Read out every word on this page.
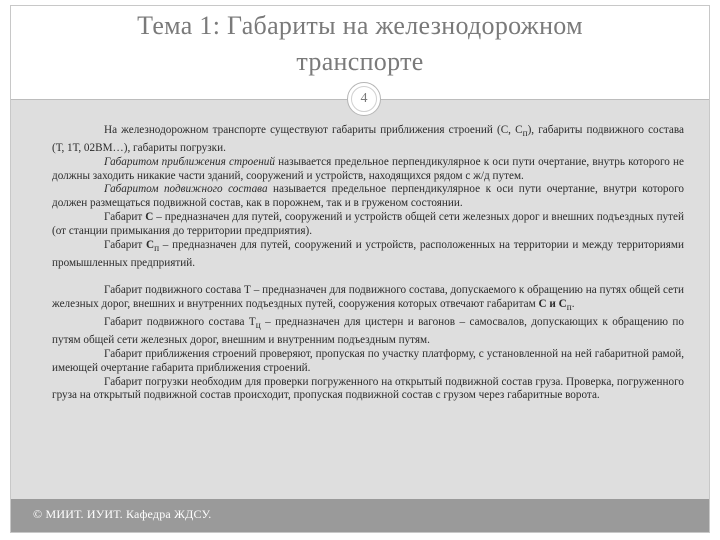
Тема 1: Габариты на железнодорожном
транспорте
4

На железнодорожном транспорте существуют габариты приближения строений (С, $С_п$), габариты подвижного состава (Т, 1Т, 02ВМ…), габариты погрузки.

Габаритом приближения строений называется предельное перпендикулярное к оси пути очертание, внутрь которого не должны заходить никакие части зданий, сооружений и устройств, находящихся рядом с ж/д путем.

Габаритом подвижного состава называется предельное перпендикулярное к оси пути очертание, внутри которого должен размещаться подвижной состав, как в порожнем, так и в груженом состоянии.

Габарит С – предназначен для путей, сооружений и устройств общей сети железных дорог и внешних подъездных путей (от станции примыкания до территории предприятия).

Габарит $С_п$ – предназначен для путей, сооружений и устройств, расположенных на территории и между территориями промышленных предприятий.

Габарит подвижного состава Т – предназначен для подвижного состава, допускаемого к обращению на путях общей сети железных дорог, внешних и внутренних подъездных путей, сооружения которых отвечают габаритам С и $С_п$.

Габарит подвижного состава $Т_ц$ – предназначен для цистерн и вагонов – самосвалов, допускающих к обращению по путям общей сети железных дорог, внешним и внутренним подъездным путям.

Габарит приближения строений проверяют, пропуская по участку платформу, с установленной на ней габаритной рамой, имеющей очертание габарита приближения строений.

Габарит погрузки необходим для проверки погруженного на открытый подвижной состав груза. Проверка, погруженного груза на открытый подвижной состав происходит, пропуская подвижной состав с грузом через габаритные ворота.

© МИИТ. ИУИТ. Кафедра ЖДСУ.
